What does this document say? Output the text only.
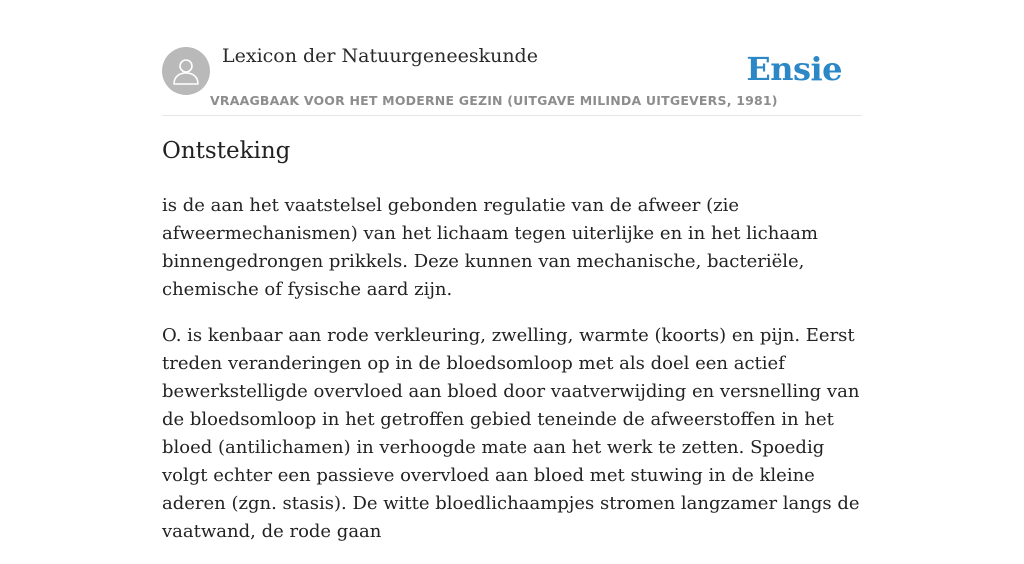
Lexicon der Natuurgeneeskunde
VRAAGBAAK VOOR HET MODERNE GEZIN (UITGAVE MILINDA UITGEVERS, 1981)
Ensie
Ontsteking

is de aan het vaatstelsel gebonden regulatie van de afweer (zie afweermechanismen) van het lichaam tegen uiterlijke en in het lichaam binnengedrongen prikkels. Deze kunnen van mechanische, bacteriële, chemische of fysische aard zijn.

O. is kenbaar aan rode verkleuring, zwelling, warmte (koorts) en pijn. Eerst treden veranderingen op in de bloedsomloop met als doel een actief bewerkstelligde overvloed aan bloed door vaatverwijding en versnelling van de bloedsomloop in het getroffen gebied teneinde de afweerstoffen in het bloed (antilichamen) in verhoogde mate aan het werk te zetten. Spoedig volgt echter een passieve overvloed aan bloed met stuwing in de kleine aderen (zgn. stasis). De witte bloedlichaampjes stromen langzamer langs de vaatwand, de rode gaan
